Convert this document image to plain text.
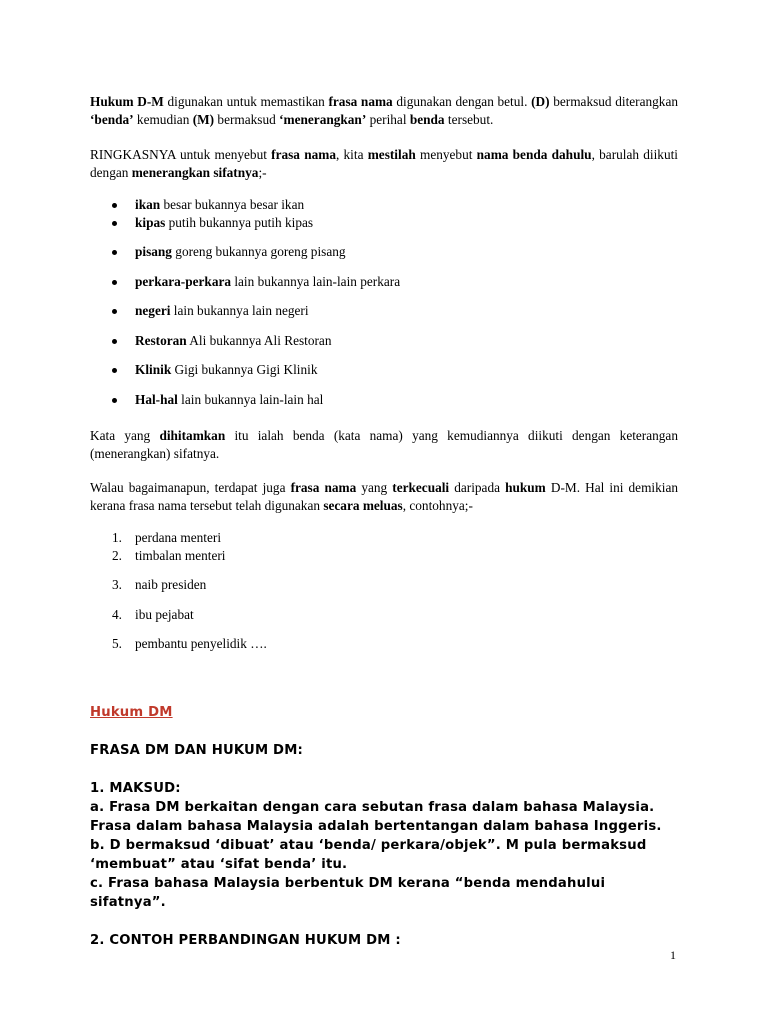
Hukum D-M digunakan untuk memastikan frasa nama digunakan dengan betul. (D) bermaksud diterangkan ‘benda’ kemudian (M) bermaksud ‘menerangkan’ perihal benda tersebut.

RINGKASNYA untuk menyebut frasa nama, kita mestilah menyebut nama benda dahulu, barulah diikuti dengan menerangkan sifatnya;-

ikan besar bukannya besar ikan
kipas putih bukannya putih kipas
pisang goreng bukannya goreng pisang
perkara-perkara lain bukannya lain-lain perkara
negeri lain bukannya lain negeri
Restoran Ali bukannya Ali Restoran
Klinik Gigi bukannya Gigi Klinik
Hal-hal lain bukannya lain-lain hal

Kata yang dihitamkan itu ialah benda (kata nama) yang kemudiannya diikuti dengan keterangan (menerangkan) sifatnya.

Walau bagaimanapun, terdapat juga frasa nama yang terkecuali daripada hukum D-M. Hal ini demikian kerana frasa nama tersebut telah digunakan secara meluas, contohnya;-

1. perdana menteri
2. timbalan menteri
3. naib presiden
4. ibu pejabat
5. pembantu penyelidik ….
Hukum DM
FRASA DM DAN HUKUM DM:
1. MAKSUD:
a. Frasa DM berkaitan dengan cara sebutan frasa dalam bahasa Malaysia.
Frasa dalam bahasa Malaysia adalah bertentangan dalam bahasa Inggeris.
b. D bermaksud ‘dibuat’ atau ‘benda/ perkara/objek”. M pula bermaksud
‘membuat” atau ‘sifat benda’ itu.
c. Frasa bahasa Malaysia berbentuk DM kerana “benda mendahului sifatnya”.
2. CONTOH PERBANDINGAN HUKUM DM :
1
